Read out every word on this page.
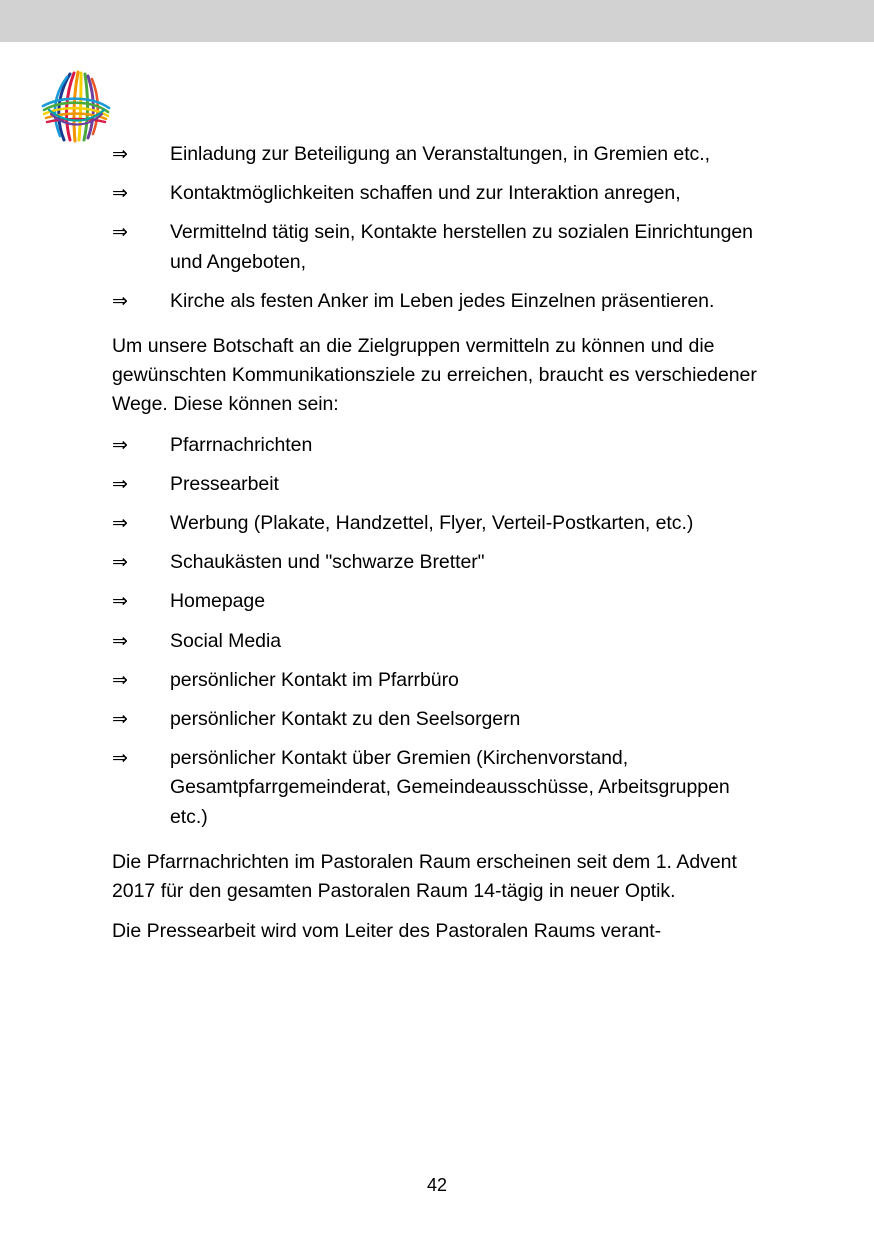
⇒	Einladung zur Beteiligung an Veranstaltungen, in Gremien etc.,
⇒	Kontaktmöglichkeiten schaffen und zur Interaktion anregen,
⇒	Vermittelnd tätig sein, Kontakte herstellen zu sozialen Einrichtungen und Angeboten,
⇒	Kirche als festen Anker im Leben jedes Einzelnen präsentieren.

Um unsere Botschaft an die Zielgruppen vermitteln zu können und die gewünschten Kommunikationsziele zu erreichen, braucht es verschiedener Wege. Diese können sein:

⇒	Pfarrnachrichten
⇒	Pressearbeit
⇒	Werbung (Plakate, Handzettel, Flyer, Verteil-Postkarten, etc.)
⇒	Schaukästen und "schwarze Bretter"
⇒	Homepage
⇒	Social Media
⇒	persönlicher Kontakt im Pfarrbüro
⇒	persönlicher Kontakt zu den Seelsorgern
⇒	persönlicher Kontakt über Gremien (Kirchenvorstand, Gesamtpfarrgemeinderat, Gemeindeausschüsse, Arbeitsgruppen etc.)

Die Pfarrnachrichten im Pastoralen Raum erscheinen seit dem 1. Advent 2017 für den gesamten Pastoralen Raum 14-tägig in neuer Optik.

Die Pressearbeit wird vom Leiter des Pastoralen Raums verant-

42
